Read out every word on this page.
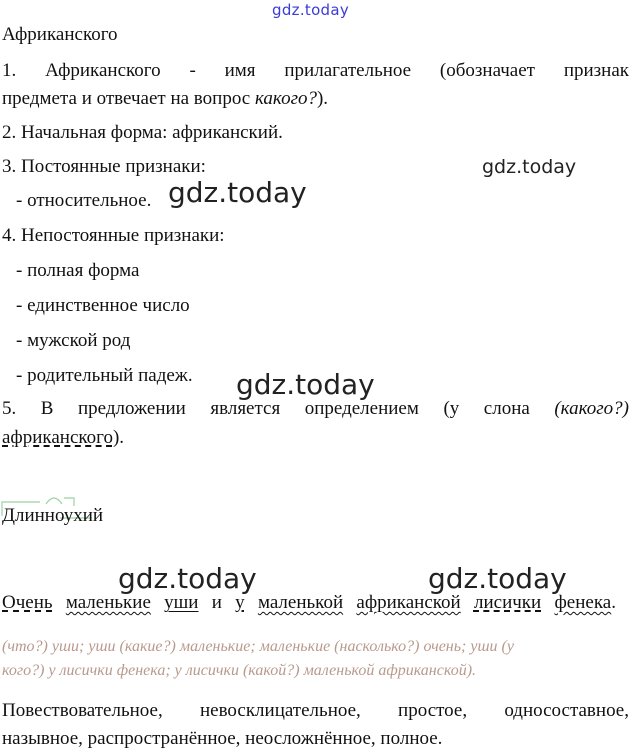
gdz.today
Африканского
1. Африканского - имя прилагательное (обозначает признак
предмета и отвечает на вопрос какого?).
2. Начальная форма: африканский.
3. Постоянные признаки:	gdz.today
- относительное. gdz.today
4. Непостоянные признаки:
- полная форма
- единственное число
- мужской род
- родительный падеж. gdz.today
5. В предложении является определением (у слона (какого?)
африканского).
Длинноухий
gdz.today	gdz.today
Очень маленькие уши и у маленькой африканской лисички фенека.
(что?) уши; уши (какие?) маленькие; маленькие (насколько?) очень; уши (у
кого?) у лисички фенека; у лисички (какой?) маленькой африканской).
Повествовательное, невосклицательное, простое, односоставное,
назывное, распространённое, неосложнённое, полное.
